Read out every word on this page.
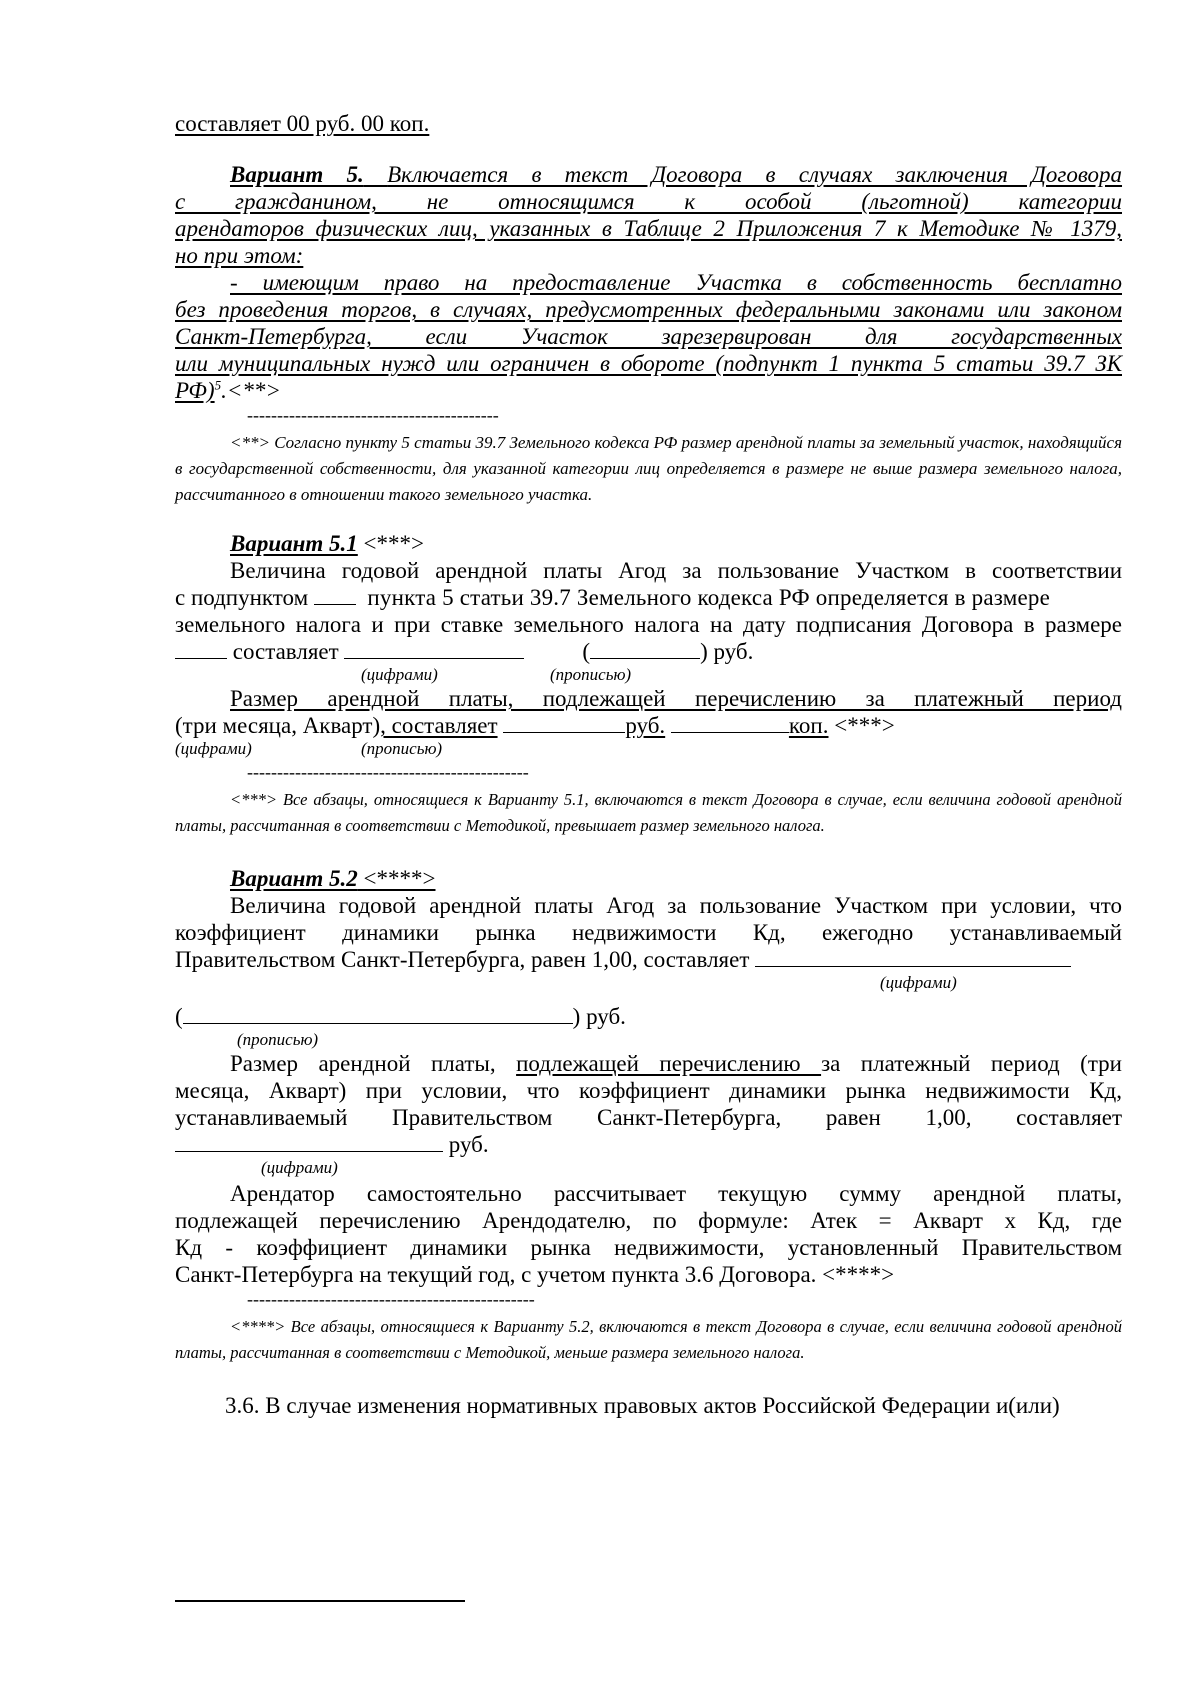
составляет 00 руб. 00 коп.

Вариант 5. Включается в текст Договора в случаях заключения Договора

с гражданином, не относящимся к особой (льготной) категории

арендаторов физических лиц, указанных в Таблице 2 Приложения 7 к Методике № 1379,

но при этом:

- имеющим право на предоставление Участка в собственность бесплатно

без проведения торгов, в случаях, предусмотренных федеральными законами или законом

Санкт-Петербурга, если Участок зарезервирован для государственных

или муниципальных нужд или ограничен в обороте (подпункт 1 пункта 5 статьи 39.7 ЗК

РФ)$^5$.<**>

------------------------------------------

<**> Согласно пункту 5 статьи 39.7 Земельного кодекса РФ размер арендной платы за земельный участок, находящийся в государственной собственности, для указанной категории лиц определяется в размере не выше размера земельного налога, рассчитанного в отношении такого земельного участка.

Вариант 5.1 <***>

Величина годовой арендной платы Агод за пользование Участком в соответствии

с подпунктом	пункта 5 статьи 39.7 Земельного кодекса РФ определяется в размере

земельного налога и при ставке земельного налога на дату подписания Договора в размере

составляет	(	) руб.

(цифрами)	(прописью)

Размер арендной платы, подлежащей перечислению за платежный период

(три месяца, Акварт), составляет	руб.	коп. <***>

(цифрами)	(прописью)

-----------------------------------------------

<***> Все абзацы, относящиеся к Варианту 5.1, включаются в текст Договора в случае, если величина годовой арендной платы, рассчитанная в соответствии с Методикой, превышает размер земельного налога.

Вариант 5.2 <****>

Величина годовой арендной платы Агод за пользование Участком при условии, что

коэффициент динамики рынка недвижимости Кд, ежегодно устанавливаемый

Правительством Санкт-Петербурга, равен 1,00, составляет

(цифрами)

(	) руб.

(прописью)

Размер арендной платы, подлежащей перечислению за платежный период (три

месяца, Акварт) при условии, что коэффициент динамики рынка недвижимости Кд,

устанавливаемый Правительством Санкт-Петербурга, равен 1,00, составляет

руб.

(цифрами)

Арендатор самостоятельно рассчитывает текущую сумму арендной платы,

подлежащей перечислению Арендодателю, по формуле: Атек = Акварт х Кд, где

Кд - коэффициент динамики рынка недвижимости, установленный Правительством

Санкт-Петербурга на текущий год, с учетом пункта 3.6 Договора. <****>

------------------------------------------------

<****> Все абзацы, относящиеся к Варианту 5.2, включаются в текст Договора в случае, если величина годовой арендной платы, рассчитанная в соответствии с Методикой, меньше размера земельного налога.

3.6. В случае изменения нормативных правовых актов Российской Федерации и(или)
